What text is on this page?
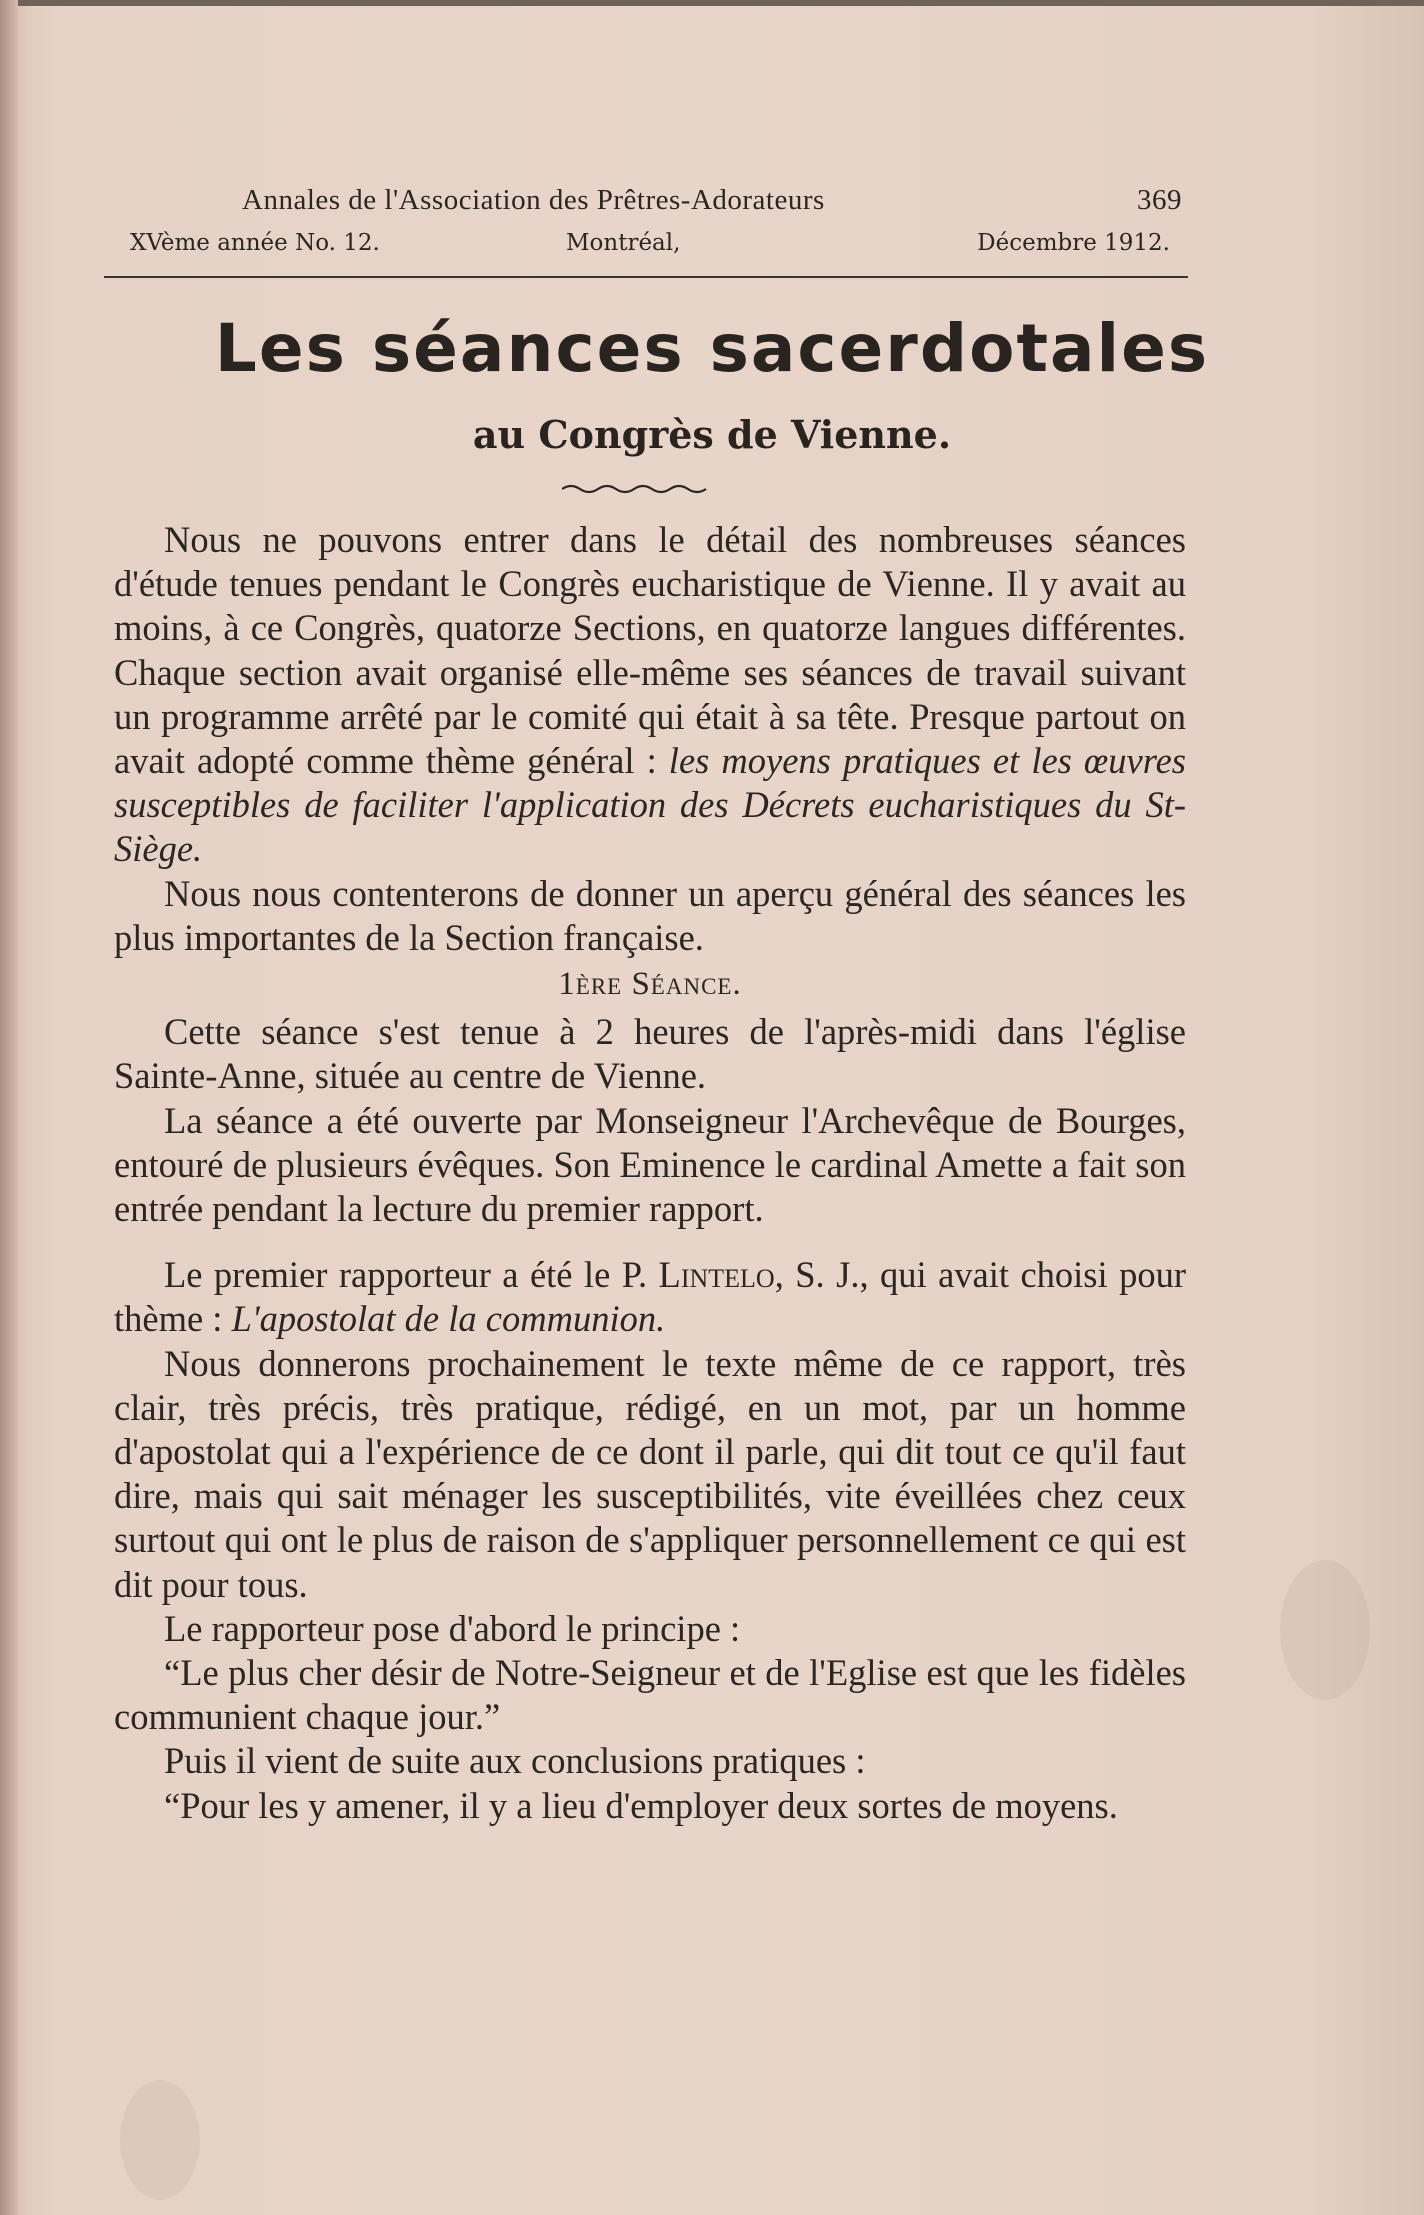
Annales de l'Association des Prêtres-Adorateurs	369
XVème année No. 12.	Montréal,	Décembre 1912.
Les séances sacerdotales
au Congrès de Vienne.

Nous ne pouvons entrer dans le détail des nombreuses séances d'étude tenues pendant le Congrès eucharistique de Vienne. Il y avait au moins, à ce Congrès, quatorze Sections, en quatorze langues différentes. Chaque section avait organisé elle-même ses séances de travail suivant un programme arrêté par le comité qui était à sa tête. Presque partout on avait adopté comme thème général : les moyens pratiques et les œuvres susceptibles de faciliter l'application des Décrets eucharistiques du St-Siège.

Nous nous contenterons de donner un aperçu général des séances les plus importantes de la Section française.

1ère Séance.

Cette séance s'est tenue à 2 heures de l'après-midi dans l'église Sainte-Anne, située au centre de Vienne.

La séance a été ouverte par Monseigneur l'Archevêque de Bourges, entouré de plusieurs évêques. Son Eminence le cardinal Amette a fait son entrée pendant la lecture du premier rapport.

Le premier rapporteur a été le P. Lintelo, S. J., qui avait choisi pour thème : L'apostolat de la communion.

Nous donnerons prochainement le texte même de ce rapport, très clair, très précis, très pratique, rédigé, en un mot, par un homme d'apostolat qui a l'expérience de ce dont il parle, qui dit tout ce qu'il faut dire, mais qui sait ménager les susceptibilités, vite éveillées chez ceux surtout qui ont le plus de raison de s'appliquer personnellement ce qui est dit pour tous.

Le rapporteur pose d'abord le principe :

“Le plus cher désir de Notre-Seigneur et de l'Eglise est que les fidèles communient chaque jour.”

Puis il vient de suite aux conclusions pratiques :

“Pour les y amener, il y a lieu d'employer deux sortes de moyens.
